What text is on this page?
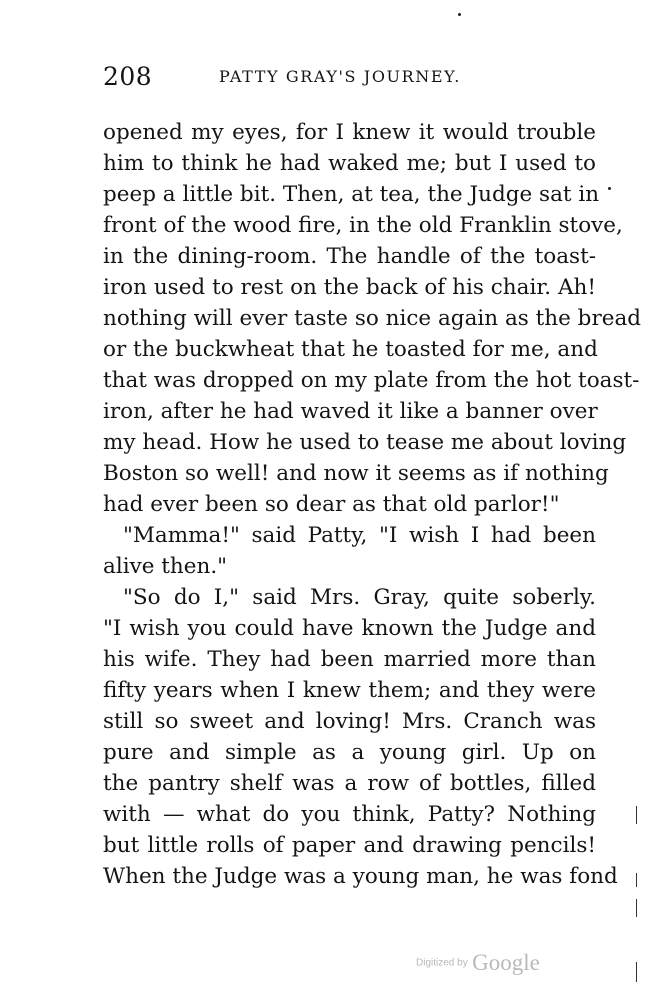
208	PATTY GRAY'S JOURNEY.
opened my eyes, for I knew it would trouble
him to think he had waked me; but I used to
peep a little bit. Then, at tea, the Judge sat in
front of the wood fire, in the old Franklin stove,
in the dining-room. The handle of the toast-
iron used to rest on the back of his chair. Ah!
nothing will ever taste so nice again as the bread
or the buckwheat that he toasted for me, and
that was dropped on my plate from the hot toast-
iron, after he had waved it like a banner over
my head. How he used to tease me about loving
Boston so well! and now it seems as if nothing
had ever been so dear as that old parlor!"
"Mamma!" said Patty, "I wish I had been
alive then."
"So do I," said Mrs. Gray, quite soberly.
"I wish you could have known the Judge and
his wife. They had been married more than
fifty years when I knew them; and they were
still so sweet and loving! Mrs. Cranch was
pure and simple as a young girl. Up on
the pantry shelf was a row of bottles, filled
with — what do you think, Patty? Nothing
but little rolls of paper and drawing pencils!
When the Judge was a young man, he was fond
Digitized by Google
